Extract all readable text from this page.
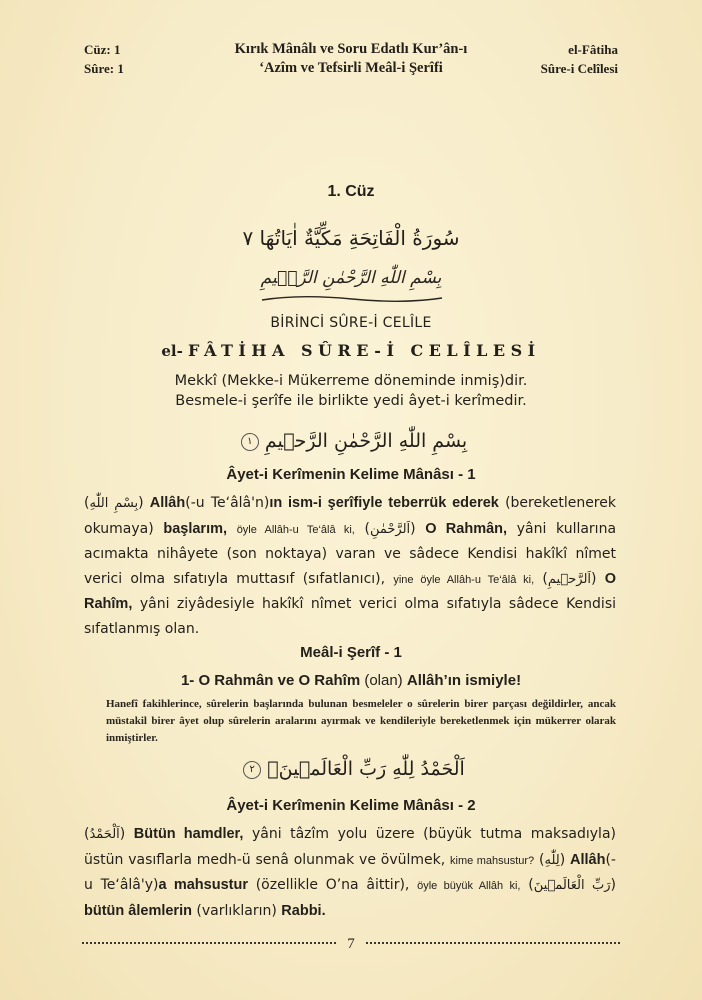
Cüz: 1
Sûre: 1
Kırık Mânâlı ve Soru Edatlı Kur’ân-ı
‘Azîm ve Tefsirli Meâl-i Şerîfi
el-Fâtiha
Sûre-i Celîlesi
1. Cüz
سُورَةُ الْفَاتِحَةِ مَكِّيَّةٌ اٰيَاتُهَا ٧
بِسْمِ اللّٰهِ الرَّحْمٰنِ الرَّح۪يمِ
BİRİNCİ SÛRE-İ CELÎLE
el- FÂTİHA SÛRE-İ CELÎLESİ
Mekkî (Mekke-i Mükerreme döneminde inmiş)dir.
Besmele-i şerîfe ile birlikte yedi âyet-i kerîmedir.
بِسْمِ اللّٰهِ الرَّحْمٰنِ الرَّح۪يمِ ١
Âyet-i Kerîmenin Kelime Mânâsı - 1
(بِسْمِ اللّٰهِ) Allâh(-u Te‘âlâ'n)ın ism-i şerîfiyle teberrük ederek (bereketlenerek okumaya) başlarım, öyle Allâh-u Te‘âlâ ki, (اَلرَّحْمٰنِ) O Rahmân, yâni kullarına acımakta nihâyete (son noktaya) varan ve sâdece Kendisi hakîkî nîmet verici olma sıfatıyla muttasıf (sıfatlanıcı), yine öyle Allâh-u Te‘âlâ ki, (اَلرَّح۪يمِ) O Rahîm, yâni ziyâdesiyle hakîkî nîmet verici olma sıfatıyla sâdece Kendisi sıfatlanmış olan.
Meâl-i Şerîf - 1
1- O Rahmân ve O Rahîm (olan) Allâh’ın ismiyle!
Hanefî fakihlerince, sûrelerin başlarında bulunan besmeleler o sûrelerin birer parçası değildirler, ancak müstakil birer âyet olup sûrelerin aralarını ayırmak ve kendileriyle bereketlenmek için mükerrer olarak inmiştirler.
اَلْحَمْدُ لِلّٰهِ رَبِّ الْعَالَم۪ينَۙ ٢
Âyet-i Kerîmenin Kelime Mânâsı - 2
(اَلْحَمْدُ) Bütün hamdler, yâni tâzîm yolu üzere (büyük tutma maksadıyla) üstün vasıflarla medh-ü senâ olunmak ve övülmek, kime mahsustur? (لِلّٰهِ) Allâh(-u Te‘âlâ'y)a mahsustur (özellikle O’na âittir), öyle büyük Allâh ki, (رَبِّ الْعَالَم۪ينَ) bütün âlemlerin (varlıkların) Rabbi.
7
